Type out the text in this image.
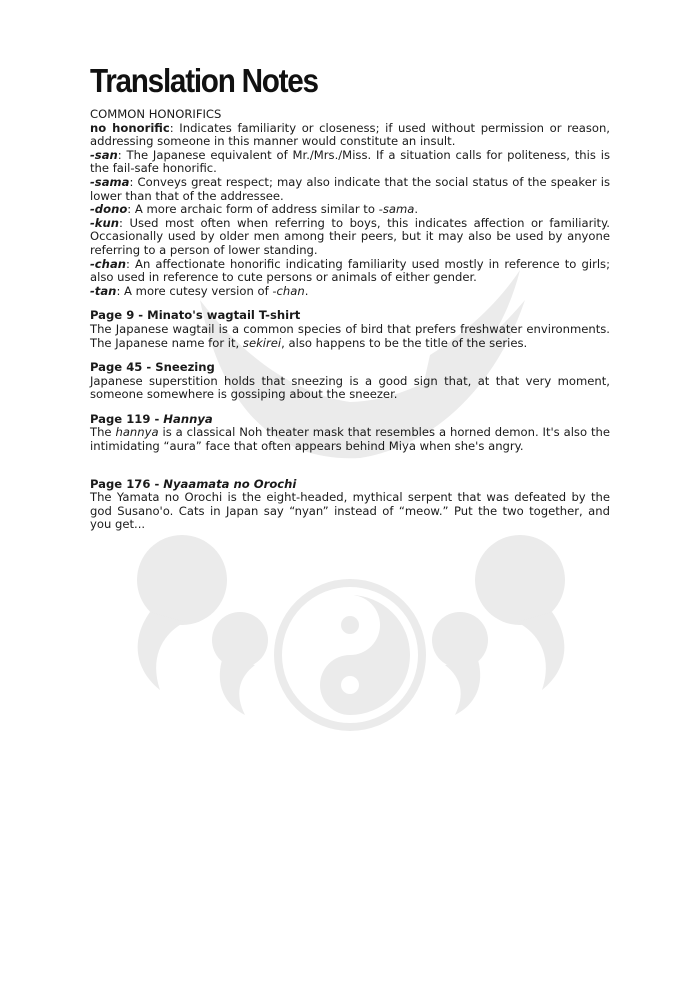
Translation Notes

COMMON HONORIFICS

no honorific: Indicates familiarity or closeness; if used without permission or reason, addressing someone in this manner would constitute an insult.

-san: The Japanese equivalent of Mr./Mrs./Miss. If a situation calls for politeness, this is the fail-safe honorific.

-sama: Conveys great respect; may also indicate that the social status of the speaker is lower than that of the addressee.

-dono: A more archaic form of address similar to -sama.

-kun: Used most often when referring to boys, this indicates affection or familiarity. Occasionally used by older men among their peers, but it may also be used by anyone referring to a person of lower standing.

-chan: An affectionate honorific indicating familiarity used mostly in reference to girls; also used in reference to cute persons or animals of either gender.

-tan: A more cutesy version of -chan.

Page 9 - Minato's wagtail T-shirt

The Japanese wagtail is a common species of bird that prefers freshwater environments. The Japanese name for it, sekirei, also happens to be the title of the series.

Page 45 - Sneezing

Japanese superstition holds that sneezing is a good sign that, at that very moment, someone somewhere is gossiping about the sneezer.

Page 119 - Hannya

The hannya is a classical Noh theater mask that resembles a horned demon. It's also the intimidating “aura” face that often appears behind Miya when she's angry.

Page 176 - Nyaamata no Orochi

The Yamata no Orochi is the eight-headed, mythical serpent that was defeated by the god Susano'o. Cats in Japan say “nyan” instead of “meow.” Put the two together, and you get...
